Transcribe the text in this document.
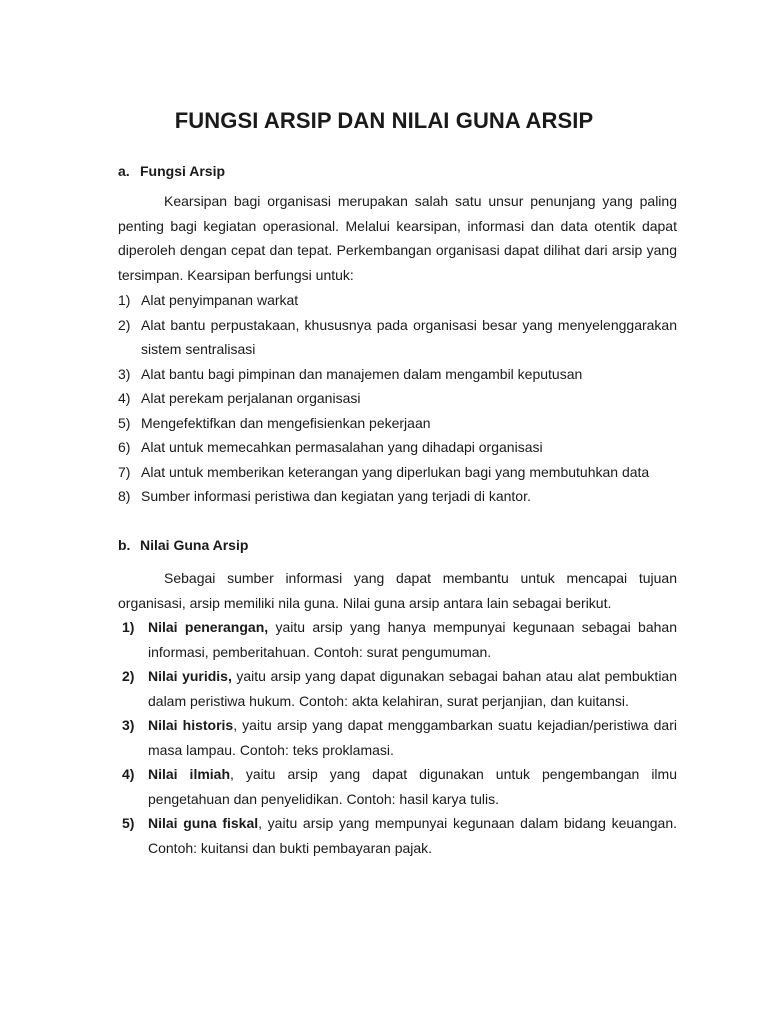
FUNGSI ARSIP DAN NILAI GUNA ARSIP
a. Fungsi Arsip

Kearsipan bagi organisasi merupakan salah satu unsur penunjang yang paling penting bagi kegiatan operasional. Melalui kearsipan, informasi dan data otentik dapat diperoleh dengan cepat dan tepat. Perkembangan organisasi dapat dilihat dari arsip yang tersimpan. Kearsipan berfungsi untuk:

1) Alat penyimpanan warkat
2) Alat bantu perpustakaan, khususnya pada organisasi besar yang menyelenggarakan sistem sentralisasi
3) Alat bantu bagi pimpinan dan manajemen dalam mengambil keputusan
4) Alat perekam perjalanan organisasi
5) Mengefektifkan dan mengefisienkan pekerjaan
6) Alat untuk memecahkan permasalahan yang dihadapi organisasi
7) Alat untuk memberikan keterangan yang diperlukan bagi yang membutuhkan data
8) Sumber informasi peristiwa dan kegiatan yang terjadi di kantor.
b. Nilai Guna Arsip

Sebagai sumber informasi yang dapat membantu untuk mencapai tujuan organisasi, arsip memiliki nila guna. Nilai guna arsip antara lain sebagai berikut.

1) Nilai penerangan, yaitu arsip yang hanya mempunyai kegunaan sebagai bahan informasi, pemberitahuan. Contoh: surat pengumuman.
2) Nilai yuridis, yaitu arsip yang dapat digunakan sebagai bahan atau alat pembuktian dalam peristiwa hukum. Contoh: akta kelahiran, surat perjanjian, dan kuitansi.
3) Nilai historis, yaitu arsip yang dapat menggambarkan suatu kejadian/peristiwa dari masa lampau. Contoh: teks proklamasi.
4) Nilai ilmiah, yaitu arsip yang dapat digunakan untuk pengembangan ilmu pengetahuan dan penyelidikan. Contoh: hasil karya tulis.
5) Nilai guna fiskal, yaitu arsip yang mempunyai kegunaan dalam bidang keuangan. Contoh: kuitansi dan bukti pembayaran pajak.
